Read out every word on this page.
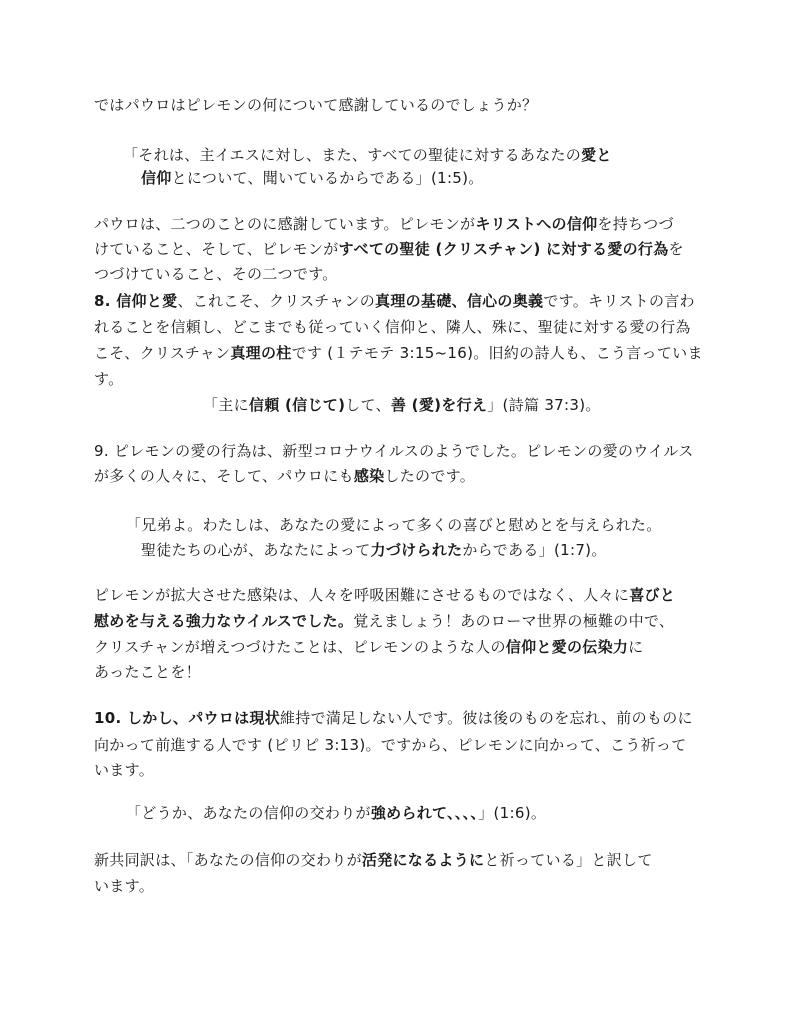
ではパウロはピレモンの何について感謝しているのでしょうか？
「それは、主イエスに対し、また、すべての聖徒に対するあなたの愛と
信仰とについて、聞いているからである」(1:5)。
パウロは、二つのことのに感謝しています。ピレモンがキリストへの信仰を持ちつづ
けていること、そして、ピレモンがすべての聖徒 (クリスチャン) に対する愛の行為を
つづけていること、その二つです。
8. 信仰と愛、これこそ、クリスチャンの真理の基礎、信心の奥義です。キリストの言わ
れることを信頼し、どこまでも従っていく信仰と、隣人、殊に、聖徒に対する愛の行為
こそ、クリスチャン真理の柱です (１テモテ 3:15~16)。旧約の詩人も、こう言っていま
す。
「主に信頼 (信じて)して、善 (愛)を行え」(詩篇 37:3)。
9. ピレモンの愛の行為は、新型コロナウイルスのようでした。ピレモンの愛のウイルス
が多くの人々に、そして、パウロにも感染したのです。
「兄弟よ。わたしは、あなたの愛によって多くの喜びと慰めとを与えられた。
聖徒たちの心が、あなたによって力づけられたからである」(1:7)。
ピレモンが拡大させた感染は、人々を呼吸困難にさせるものではなく、人々に喜びと
慰めを与える強力なウイルスでした。覚えましょう！あのローマ世界の極難の中で、
クリスチャンが増えつづけたことは、ピレモンのような人の信仰と愛の伝染力に
あったことを！
10. しかし、パウロは現状維持で満足しない人です。彼は後のものを忘れ、前のものに
向かって前進する人です (ピリピ 3:13)。ですから、ピレモンに向かって、こう祈って
います。
「どうか、あなたの信仰の交わりが強められて、、、、」(1:6)。
新共同訳は、「あなたの信仰の交わりが活発になるようにと祈っている」と訳して
います。
